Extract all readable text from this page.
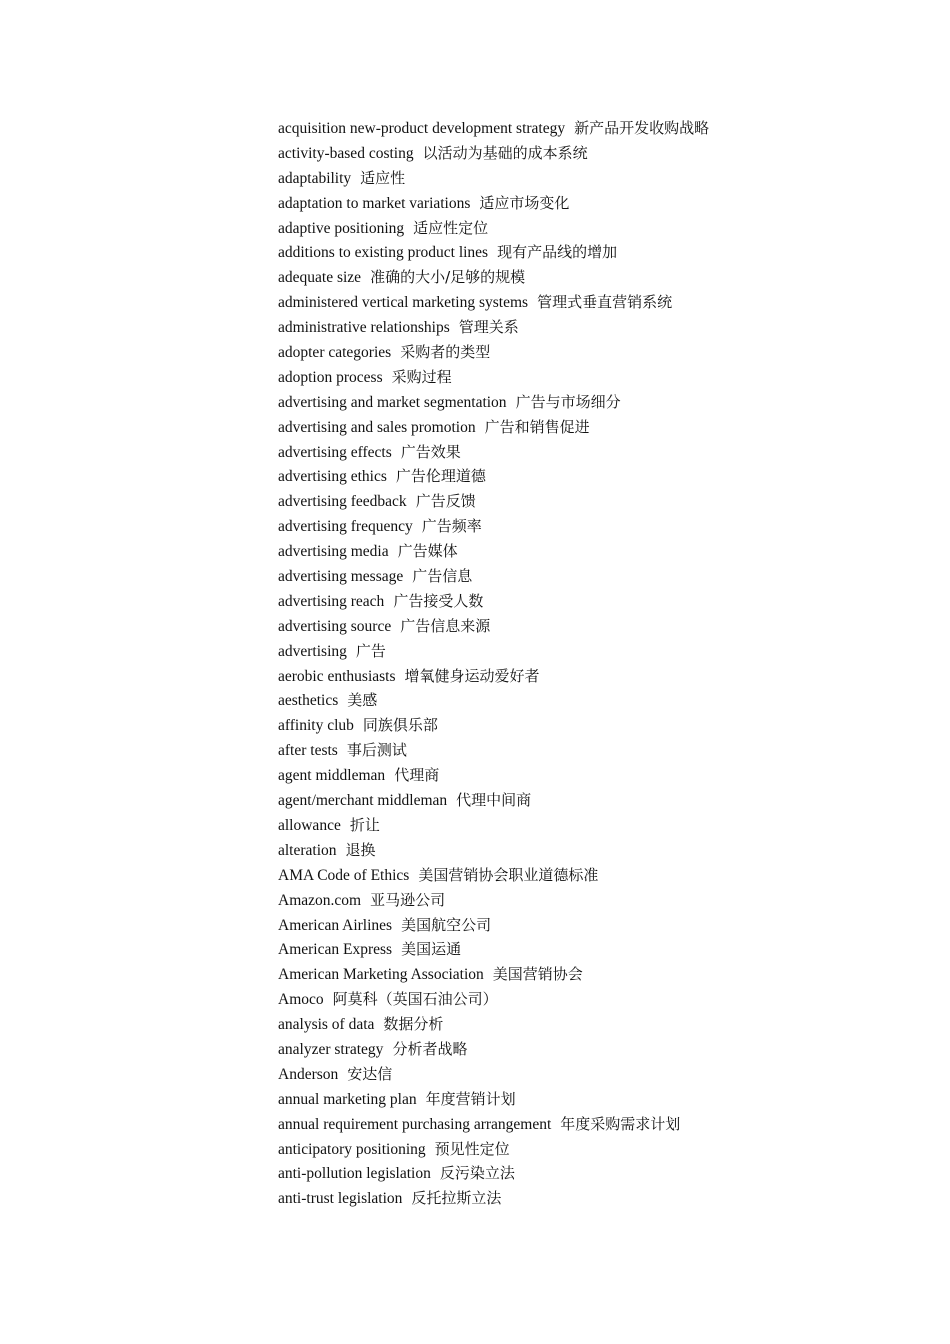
acquisition new-product development strategy 新产品开发收购战略
activity-based costing 以活动为基础的成本系统
adaptability 适应性
adaptation to market variations 适应市场变化
adaptive positioning 适应性定位
additions to existing product lines 现有产品线的增加
adequate size 准确的大小/足够的规模
administered vertical marketing systems 管理式垂直营销系统
administrative relationships 管理关系
adopter categories 采购者的类型
adoption process 采购过程
advertising and market segmentation 广告与市场细分
advertising and sales promotion 广告和销售促进
advertising effects 广告效果
advertising ethics 广告伦理道德
advertising feedback 广告反馈
advertising frequency 广告频率
advertising media 广告媒体
advertising message 广告信息
advertising reach 广告接受人数
advertising source 广告信息来源
advertising 广告
aerobic enthusiasts 增氧健身运动爱好者
aesthetics 美感
affinity club 同族俱乐部
after tests 事后测试
agent middleman 代理商
agent/merchant middleman 代理中间商
allowance 折让
alteration 退换
AMA Code of Ethics 美国营销协会职业道德标准
Amazon.com 亚马逊公司
American Airlines 美国航空公司
American Express 美国运通
American Marketing Association 美国营销协会
Amoco 阿莫科（英国石油公司）
analysis of data 数据分析
analyzer strategy 分析者战略
Anderson 安达信
annual marketing plan 年度营销计划
annual requirement purchasing arrangement 年度采购需求计划
anticipatory positioning 预见性定位
anti-pollution legislation 反污染立法
anti-trust legislation 反托拉斯立法
